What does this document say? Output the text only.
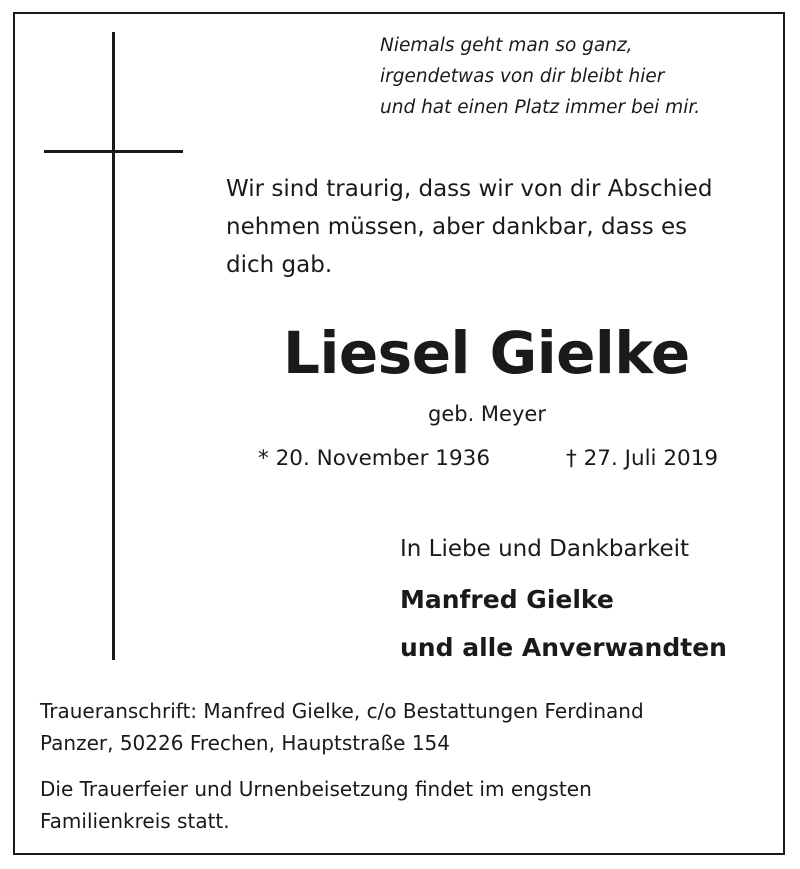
Niemals geht man so ganz,
irgendetwas von dir bleibt hier
und hat einen Platz immer bei mir.
Wir sind traurig, dass wir von dir Abschied
nehmen müssen, aber dankbar, dass es
dich gab.
Liesel Gielke
geb. Meyer
* 20. November 1936	† 27. Juli 2019
In Liebe und Dankbarkeit
Manfred Gielke
und alle Anverwandten
Traueranschrift: Manfred Gielke, c/o Bestattungen Ferdinand
Panzer, 50226 Frechen, Hauptstraße 154
Die Trauerfeier und Urnenbeisetzung findet im engsten
Familienkreis statt.
